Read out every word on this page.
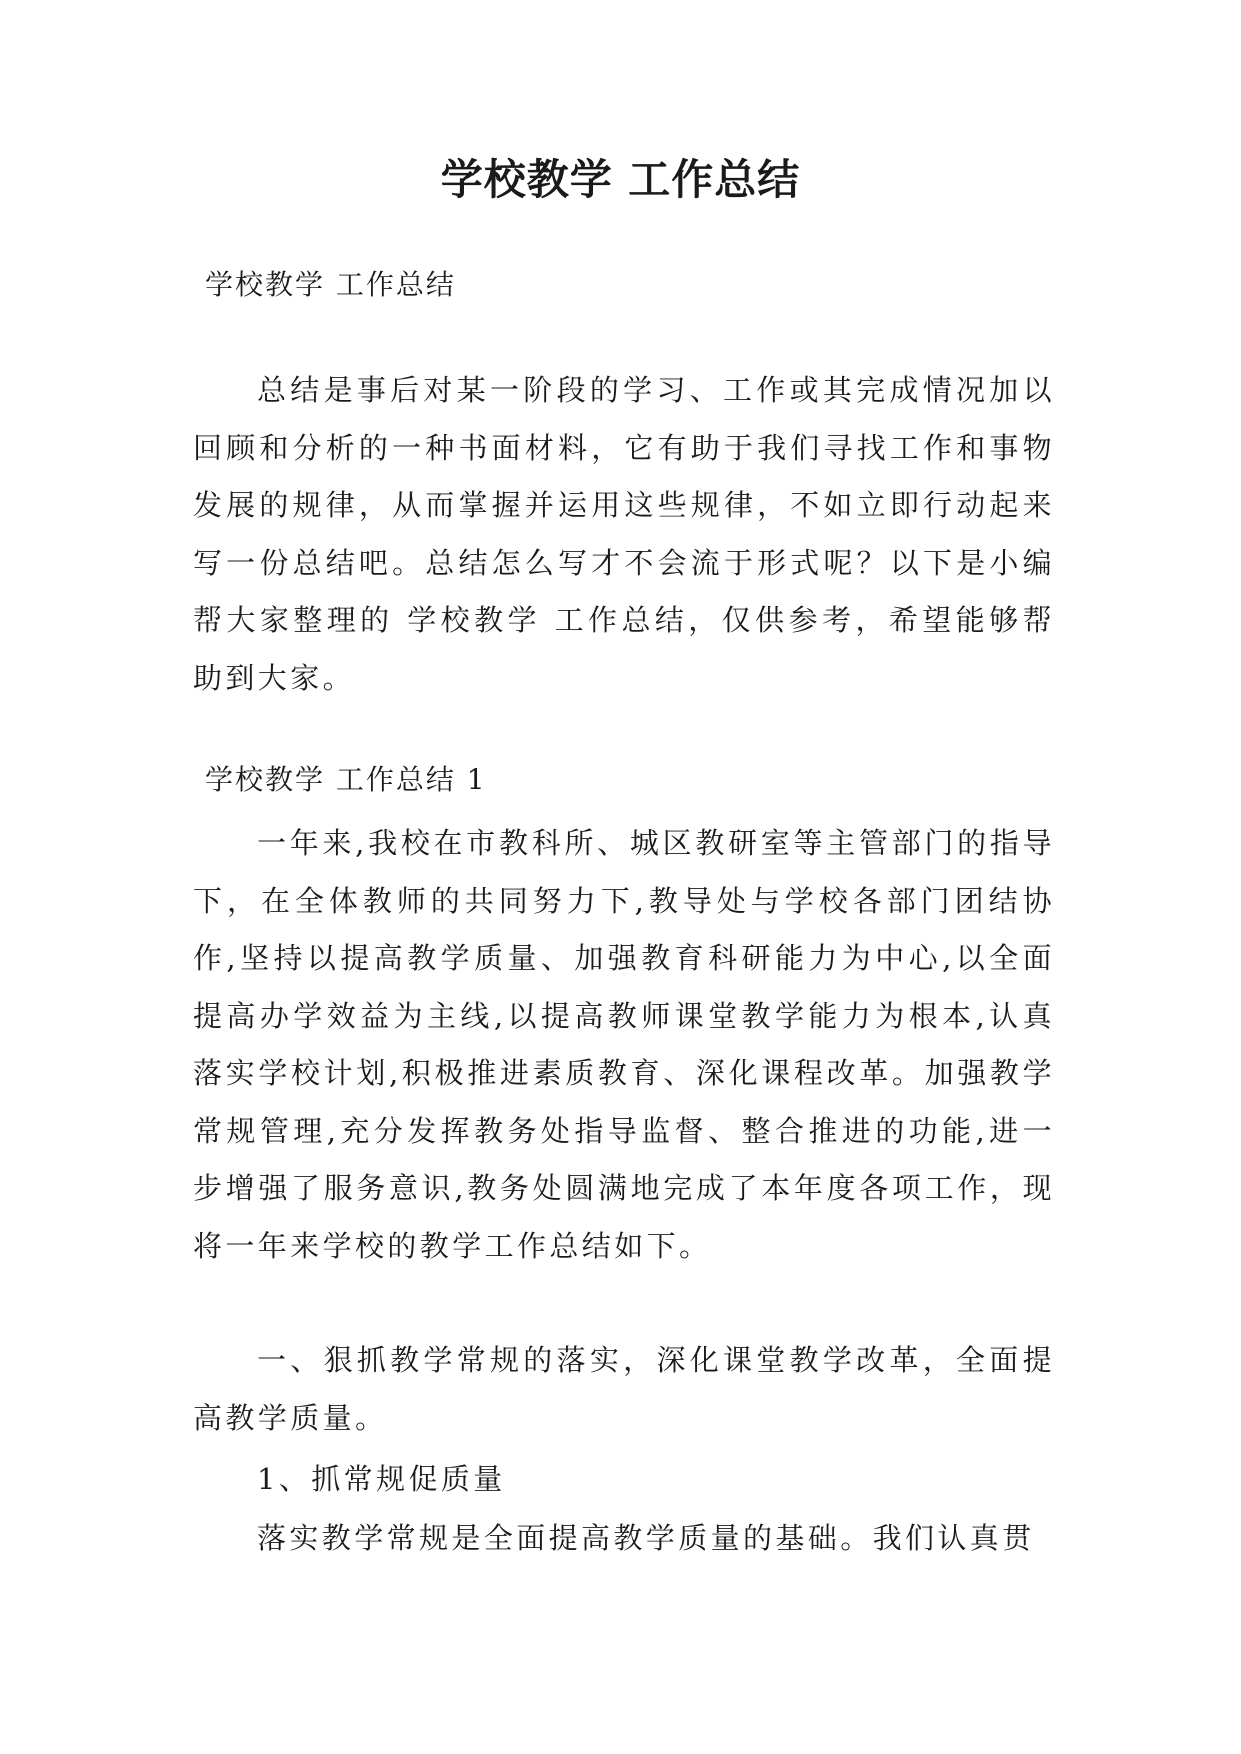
学校教学 工作总结
学校教学 工作总结
总结是事后对某一阶段的学习、工作或其完成情况加以回顾和分析的一种书面材料，它有助于我们寻找工作和事物发展的规律，从而掌握并运用这些规律，不如立即行动起来写一份总结吧。总结怎么写才不会流于形式呢？以下是小编帮大家整理的 学校教学 工作总结，仅供参考，希望能够帮助到大家。
学校教学 工作总结 1
一年来,我校在市教科所、城区教研室等主管部门的指导下，在全体教师的共同努力下,教导处与学校各部门团结协作,坚持以提高教学质量、加强教育科研能力为中心,以全面提高办学效益为主线,以提高教师课堂教学能力为根本,认真落实学校计划,积极推进素质教育、深化课程改革。加强教学常规管理,充分发挥教务处指导监督、整合推进的功能,进一步增强了服务意识,教务处圆满地完成了本年度各项工作，现将一年来学校的教学工作总结如下。
一、狠抓教学常规的落实，深化课堂教学改革，全面提高教学质量。
1、抓常规促质量
落实教学常规是全面提高教学质量的基础。我们认真贯
